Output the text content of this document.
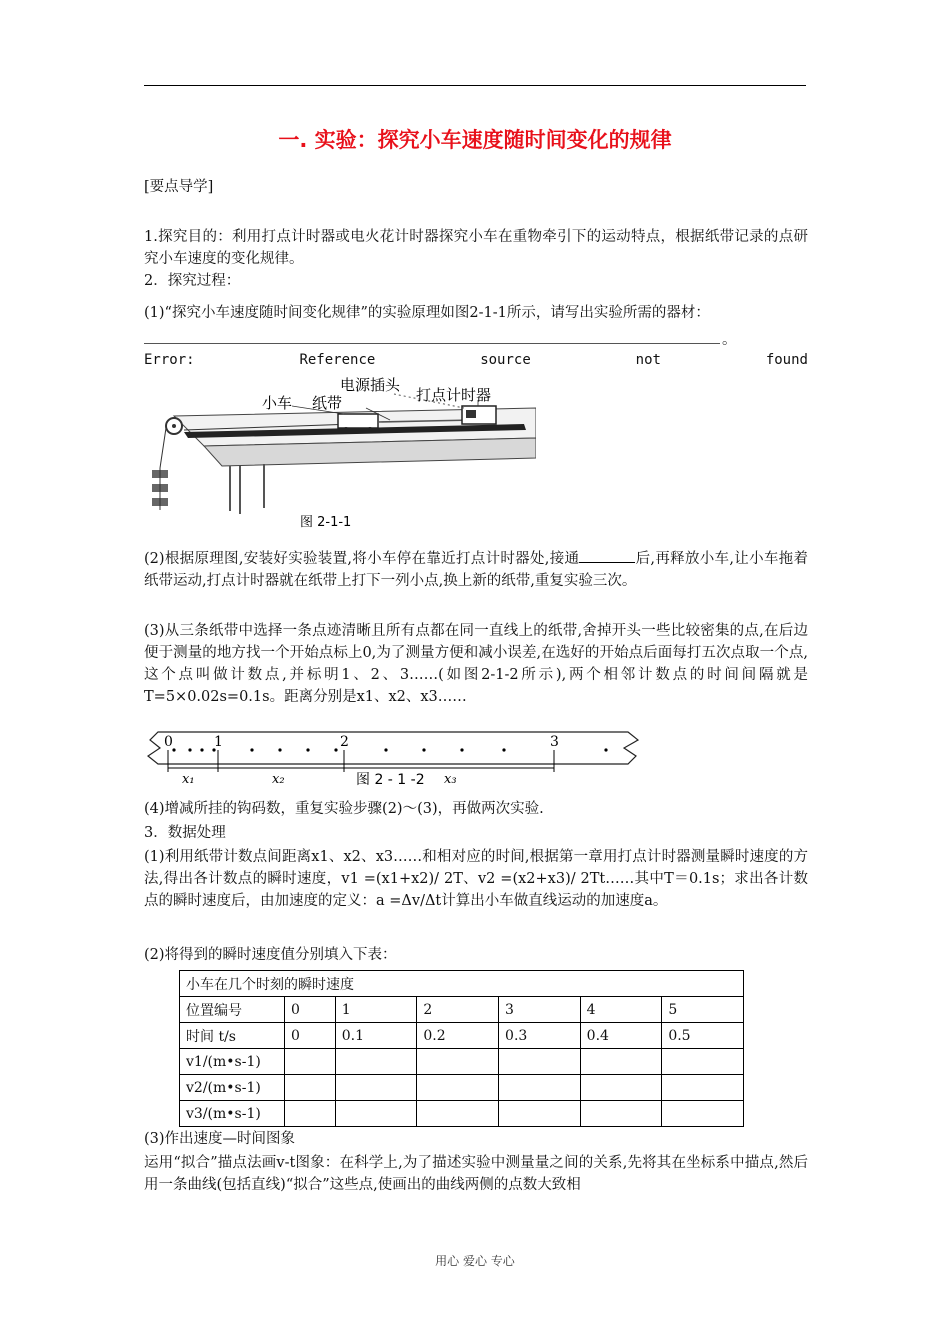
一. 实验：探究小车速度随时间变化的规律
[要点导学]
1.探究目的：利用打点计时器或电火花计时器探究小车在重物牵引下的运动特点，根据纸带记录的点研究小车速度的变化规律。
2．探究过程：
(1)“探究小车速度随时间变化规律”的实验原理如图2-1-1所示，请写出实验所需的器材：
。
Error:	Reference	source	not	found
小车 纸带
电源插头
打点计时器
图 2-1-1
(2)根据原理图,安装好实验装置,将小车停在靠近打点计时器处,接通	后,再释放小车,让小车拖着纸带运动,打点计时器就在纸带上打下一列小点,换上新的纸带,重复实验三次。
(3)从三条纸带中选择一条点迹清晰且所有点都在同一直线上的纸带,舍掉开头一些比较密集的点,在后边便于测量的地方找一个开始点标上0,为了测量方便和减小误差,在选好的开始点后面每打五次点取一个点,这个点叫做计数点,并标明1、2、3……(如图2-1-2所示),两个相邻计数点的时间间隔就是T=5×0.02s=0.1s。距离分别是x1、x2、x3……
0	1	2	3
x₁	x₂	x₃
图 2 - 1 -2
(4)增减所挂的钩码数，重复实验步骤(2)～(3)，再做两次实验.
3．数据处理
(1)利用纸带计数点间距离x1、x2、x3……和相对应的时间,根据第一章用打点计时器测量瞬时速度的方法,得出各计数点的瞬时速度，v1 =(x1+x2)/ 2T、v2 =(x2+x3)/ 2Tt……其中T＝0.1s；求出各计数点的瞬时速度后，由加速度的定义：a =Δv/Δt计算出小车做直线运动的加速度a。
(2)将得到的瞬时速度值分别填入下表：
小车在几个时刻的瞬时速度						
位置编号	0	1	2	3	4	5
时间 t/s	0	0.1	0.2	0.3	0.4	0.5
v1/(m•s-1)						
v2/(m•s-1)						
v3/(m•s-1)						
(3)作出速度—时间图象
运用“拟合”描点法画v-t图象：在科学上,为了描述实验中测量量之间的关系,先将其在坐标系中描点,然后用一条曲线(包括直线)“拟合”这些点,使画出的曲线两侧的点数大致相
用心 爱心 专心
